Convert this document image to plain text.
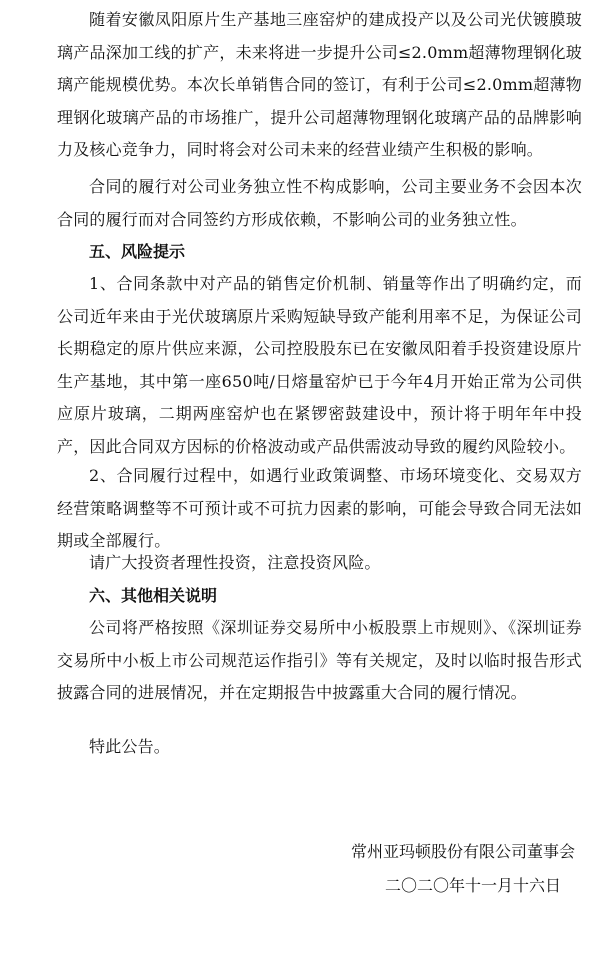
随着安徽凤阳原片生产基地三座窑炉的建成投产以及公司光伏镀膜玻璃产品深加工线的扩产，未来将进一步提升公司≤2.0mm超薄物理钢化玻璃产能规模优势。本次长单销售合同的签订，有利于公司≤2.0mm超薄物理钢化玻璃产品的市场推广，提升公司超薄物理钢化玻璃产品的品牌影响力及核心竞争力，同时将会对公司未来的经营业绩产生积极的影响。

合同的履行对公司业务独立性不构成影响，公司主要业务不会因本次合同的履行而对合同签约方形成依赖，不影响公司的业务独立性。

五、风险提示

1、合同条款中对产品的销售定价机制、销量等作出了明确约定，而公司近年来由于光伏玻璃原片采购短缺导致产能利用率不足，为保证公司长期稳定的原片供应来源，公司控股股东已在安徽凤阳着手投资建设原片生产基地，其中第一座650吨/日熔量窑炉已于今年4月开始正常为公司供应原片玻璃，二期两座窑炉也在紧锣密鼓建设中，预计将于明年年中投产，因此合同双方因标的价格波动或产品供需波动导致的履约风险较小。

2、合同履行过程中，如遇行业政策调整、市场环境变化、交易双方经营策略调整等不可预计或不可抗力因素的影响，可能会导致合同无法如期或全部履行。

请广大投资者理性投资，注意投资风险。

六、其他相关说明

公司将严格按照《深圳证券交易所中小板股票上市规则》、《深圳证券交易所中小板上市公司规范运作指引》等有关规定，及时以临时报告形式披露合同的进展情况，并在定期报告中披露重大合同的履行情况。

特此公告。

常州亚玛顿股份有限公司董事会

二〇二〇年十一月十六日
